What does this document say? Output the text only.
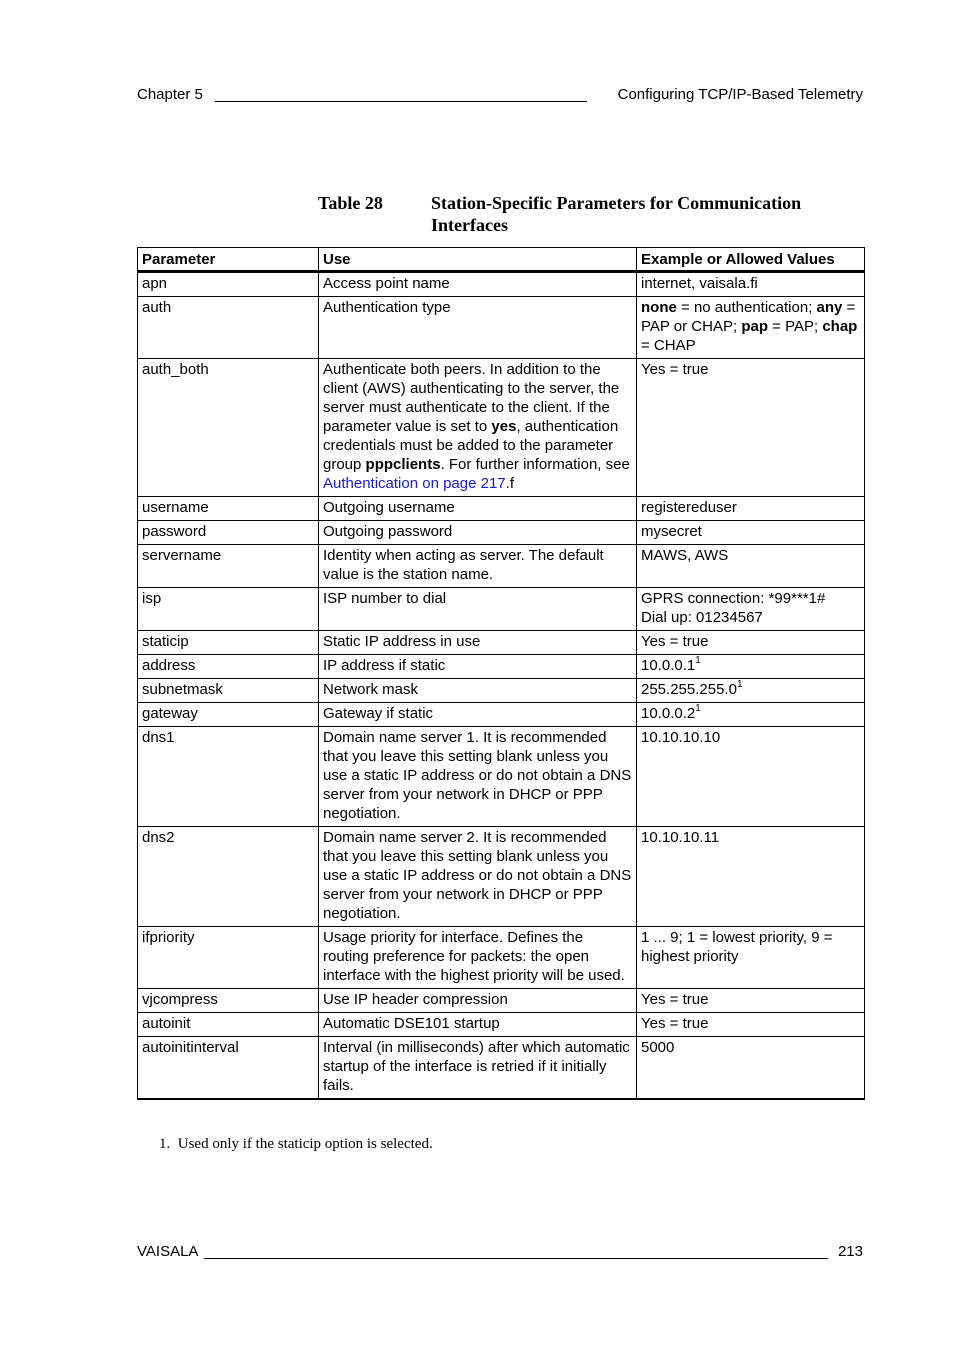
Chapter 5	Configuring TCP/IP-Based Telemetry
Table 28	Station-Specific Parameters for Communication Interfaces
Parameter	Use	Example or Allowed Values
apn	Access point name	internet, vaisala.fi
auth	Authentication type	none = no authentication; any = PAP or CHAP; pap = PAP; chap = CHAP
auth_both	Authenticate both peers. In addition to the client (AWS) authenticating to the server, the server must authenticate to the client. If the parameter value is set to yes, authentication credentials must be added to the parameter group pppclients. For further information, see Authentication on page 217.f	Yes = true
username	Outgoing username	registereduser
password	Outgoing password	mysecret
servername	Identity when acting as server. The default value is the station name.	MAWS, AWS
isp	ISP number to dial	GPRS connection: *99***1#
Dial up: 01234567

staticip	Static IP address in use	Yes = true
address	IP address if static	10.0.0.1$^1$
subnetmask	Network mask	255.255.255.0$^1$
gateway	Gateway if static	10.0.0.2$^1$
dns1	Domain name server 1. It is recommended that you leave this setting blank unless you use a static IP address or do not obtain a DNS server from your network in DHCP or PPP negotiation.	10.10.10.10
dns2	Domain name server 2. It is recommended that you leave this setting blank unless you use a static IP address or do not obtain a DNS server from your network in DHCP or PPP negotiation.	10.10.10.11
ifpriority	Usage priority for interface. Defines the routing preference for packets: the open interface with the highest priority will be used.	1 ... 9; 1 = lowest priority, 9 = highest priority
vjcompress	Use IP header compression	Yes = true
autoinit	Automatic DSE101 startup	Yes = true
autoinitinterval	Interval (in milliseconds) after which automatic startup of the interface is retried if it initially fails.	5000
1. Used only if the staticip option is selected.
VAISALA	213
